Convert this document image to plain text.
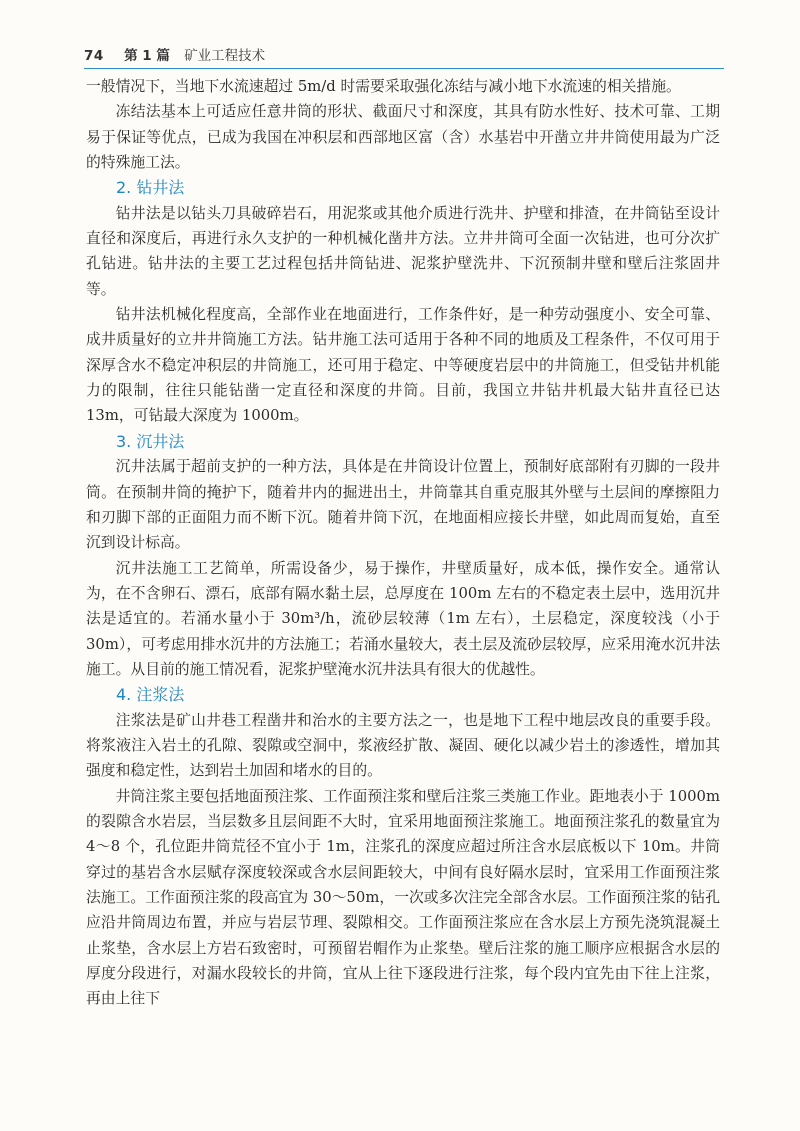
74 第 1 篇 矿业工程技术

一般情况下，当地下水流速超过 5m/d 时需要采取强化冻结与减小地下水流速的相关措施。

冻结法基本上可适应任意井筒的形状、截面尺寸和深度，其具有防水性好、技术可靠、工期易于保证等优点，已成为我国在冲积层和西部地区富（含）水基岩中开凿立井井筒使用最为广泛的特殊施工法。

2. 钻井法

钻井法是以钻头刀具破碎岩石，用泥浆或其他介质进行洗井、护壁和排渣，在井筒钻至设计直径和深度后，再进行永久支护的一种机械化凿井方法。立井井筒可全面一次钻进，也可分次扩孔钻进。钻井法的主要工艺过程包括井筒钻进、泥浆护壁洗井、下沉预制井壁和壁后注浆固井等。

钻井法机械化程度高，全部作业在地面进行，工作条件好，是一种劳动强度小、安全可靠、成井质量好的立井井筒施工方法。钻井施工法可适用于各种不同的地质及工程条件，不仅可用于深厚含水不稳定冲积层的井筒施工，还可用于稳定、中等硬度岩层中的井筒施工，但受钻井机能力的限制，往往只能钻凿一定直径和深度的井筒。目前，我国立井钻井机最大钻井直径已达 13m，可钻最大深度为 1000m。

3. 沉井法

沉井法属于超前支护的一种方法，具体是在井筒设计位置上，预制好底部附有刃脚的一段井筒。在预制井筒的掩护下，随着井内的掘进出土，井筒靠其自重克服其外壁与土层间的摩擦阻力和刃脚下部的正面阻力而不断下沉。随着井筒下沉，在地面相应接长井壁，如此周而复始，直至沉到设计标高。

沉井法施工工艺简单，所需设备少，易于操作，井壁质量好，成本低，操作安全。通常认为，在不含卵石、漂石，底部有隔水黏土层，总厚度在 100m 左右的不稳定表土层中，选用沉井法是适宜的。若涌水量小于 30m³/h，流砂层较薄（1m 左右），土层稳定，深度较浅（小于 30m），可考虑用排水沉井的方法施工；若涌水量较大，表土层及流砂层较厚，应采用淹水沉井法施工。从目前的施工情况看，泥浆护壁淹水沉井法具有很大的优越性。

4. 注浆法

注浆法是矿山井巷工程凿井和治水的主要方法之一，也是地下工程中地层改良的重要手段。将浆液注入岩土的孔隙、裂隙或空洞中，浆液经扩散、凝固、硬化以减少岩土的渗透性，增加其强度和稳定性，达到岩土加固和堵水的目的。

井筒注浆主要包括地面预注浆、工作面预注浆和壁后注浆三类施工作业。距地表小于 1000m 的裂隙含水岩层，当层数多且层间距不大时，宜采用地面预注浆施工。地面预注浆孔的数量宜为 4～8 个，孔位距井筒荒径不宜小于 1m，注浆孔的深度应超过所注含水层底板以下 10m。井筒穿过的基岩含水层赋存深度较深或含水层间距较大，中间有良好隔水层时，宜采用工作面预注浆法施工。工作面预注浆的段高宜为 30～50m，一次或多次注完全部含水层。工作面预注浆的钻孔应沿井筒周边布置，并应与岩层节理、裂隙相交。工作面预注浆应在含水层上方预先浇筑混凝土止浆垫，含水层上方岩石致密时，可预留岩帽作为止浆垫。壁后注浆的施工顺序应根据含水层的厚度分段进行，对漏水段较长的井筒，宜从上往下逐段进行注浆，每个段内宜先由下往上注浆，再由上往下
